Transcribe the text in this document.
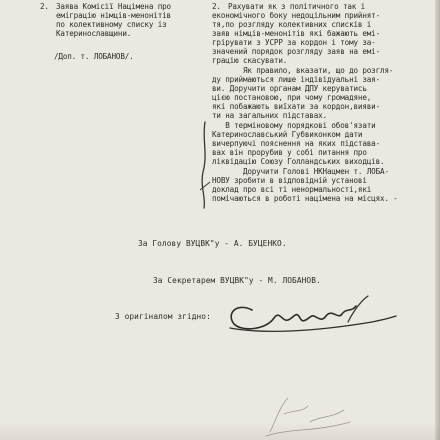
2. Заява Комісії Націмена про
еміграцію німців-менонітів
по колективному списку із
Катеринославщини.
/Доп. т. ЛОБАНОВ/.
2. Рахувати як з політичного так і
економічного боку недоцільним прийнят-
тя,по розгляду колективних списків і
заяв німців-менонітів які бажають емі-
грірувати з УСРР за кордон і тому за-
значений порядок розгляду заяв на емі-
грацію скасувати.
Як правило, вказати, що до розгля-
ду приймаються лише індівідуальні зая-
ви. Доручити органам ДПУ керуватись
цією постановою, при чому громадяне,
які побажають виїхати за кордон,вияви-
ти на загальних підставах.
В терміновому порядкові обов'язати
Катеринославський Губвиконком дати
вичерпуючі пояснення на яких підстава-
вах він прорубив у собі питання про
ліквідацію Союзу Голландських виходців.
Доручити Голові НКНацмен т. ЛОБА-
НОВУ зробити в відповідній установі
доклад про всі ті ненормальності,які
помічаються в роботі націмена на місцях. -
За Голову ВУЦВК"у - А. БУЦЕНКО.
За Секретарем ВУЦВК"у - М. ЛОБАНОВ.
З оригіналом згідно:
